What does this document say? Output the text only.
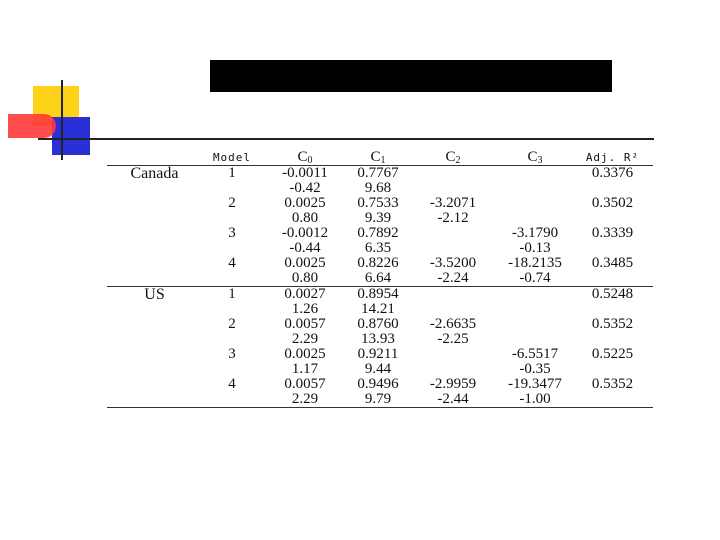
	Model	$C_0$	$C_1$	$C_2$	$C_3$	Adj. R²
Canada	1	-0.0011	0.7767			0.3376
		-0.42	9.68			
	2	0.0025	0.7533	-3.2071		0.3502
		0.80	9.39	-2.12		
	3	-0.0012	0.7892		-3.1790	0.3339
		-0.44	6.35		-0.13	
	4	0.0025	0.8226	-3.5200	-18.2135	0.3485
		0.80	6.64	-2.24	-0.74	
US	1	0.0027	0.8954			0.5248
		1.26	14.21			
	2	0.0057	0.8760	-2.6635		0.5352
		2.29	13.93	-2.25		
	3	0.0025	0.9211		-6.5517	0.5225
		1.17	9.44		-0.35	
	4	0.0057	0.9496	-2.9959	-19.3477	0.5352
		2.29	9.79	-2.44	-1.00	
